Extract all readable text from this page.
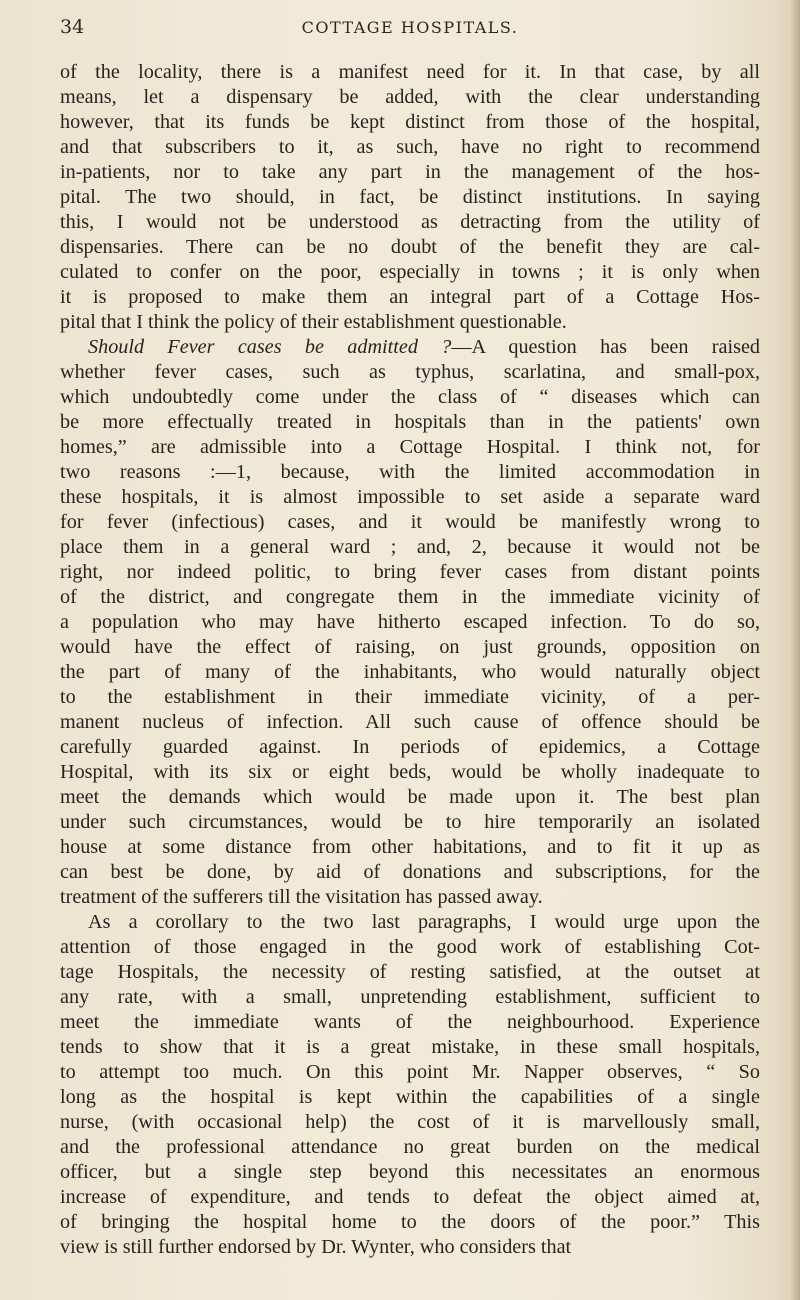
34	COTTAGE HOSPITALS.
of the locality, there is a manifest need for it. In that case, by all
means, let a dispensary be added, with the clear understanding
however, that its funds be kept distinct from those of the hospital,
and that subscribers to it, as such, have no right to recommend
in-patients, nor to take any part in the management of the hos-
pital. The two should, in fact, be distinct institutions. In saying
this, I would not be understood as detracting from the utility of
dispensaries. There can be no doubt of the benefit they are cal-
culated to confer on the poor, especially in towns ; it is only when
it is proposed to make them an integral part of a Cottage Hos-
pital that I think the policy of their establishment questionable.
Should Fever cases be admitted ?—A question has been raised
whether fever cases, such as typhus, scarlatina, and small-pox,
which undoubtedly come under the class of “ diseases which can
be more effectually treated in hospitals than in the patients' own
homes,” are admissible into a Cottage Hospital. I think not, for
two reasons :—1, because, with the limited accommodation in
these hospitals, it is almost impossible to set aside a separate ward
for fever (infectious) cases, and it would be manifestly wrong to
place them in a general ward ; and, 2, because it would not be
right, nor indeed politic, to bring fever cases from distant points
of the district, and congregate them in the immediate vicinity of
a population who may have hitherto escaped infection. To do so,
would have the effect of raising, on just grounds, opposition on
the part of many of the inhabitants, who would naturally object
to the establishment in their immediate vicinity, of a per-
manent nucleus of infection. All such cause of offence should be
carefully guarded against. In periods of epidemics, a Cottage
Hospital, with its six or eight beds, would be wholly inadequate to
meet the demands which would be made upon it. The best plan
under such circumstances, would be to hire temporarily an isolated
house at some distance from other habitations, and to fit it up as
can best be done, by aid of donations and subscriptions, for the
treatment of the sufferers till the visitation has passed away.
As a corollary to the two last paragraphs, I would urge upon the
attention of those engaged in the good work of establishing Cot-
tage Hospitals, the necessity of resting satisfied, at the outset at
any rate, with a small, unpretending establishment, sufficient to
meet the immediate wants of the neighbourhood. Experience
tends to show that it is a great mistake, in these small hospitals,
to attempt too much. On this point Mr. Napper observes, “ So
long as the hospital is kept within the capabilities of a single
nurse, (with occasional help) the cost of it is marvellously small,
and the professional attendance no great burden on the medical
officer, but a single step beyond this necessitates an enormous
increase of expenditure, and tends to defeat the object aimed at,
of bringing the hospital home to the doors of the poor.” This
view is still further endorsed by Dr. Wynter, who considers that
